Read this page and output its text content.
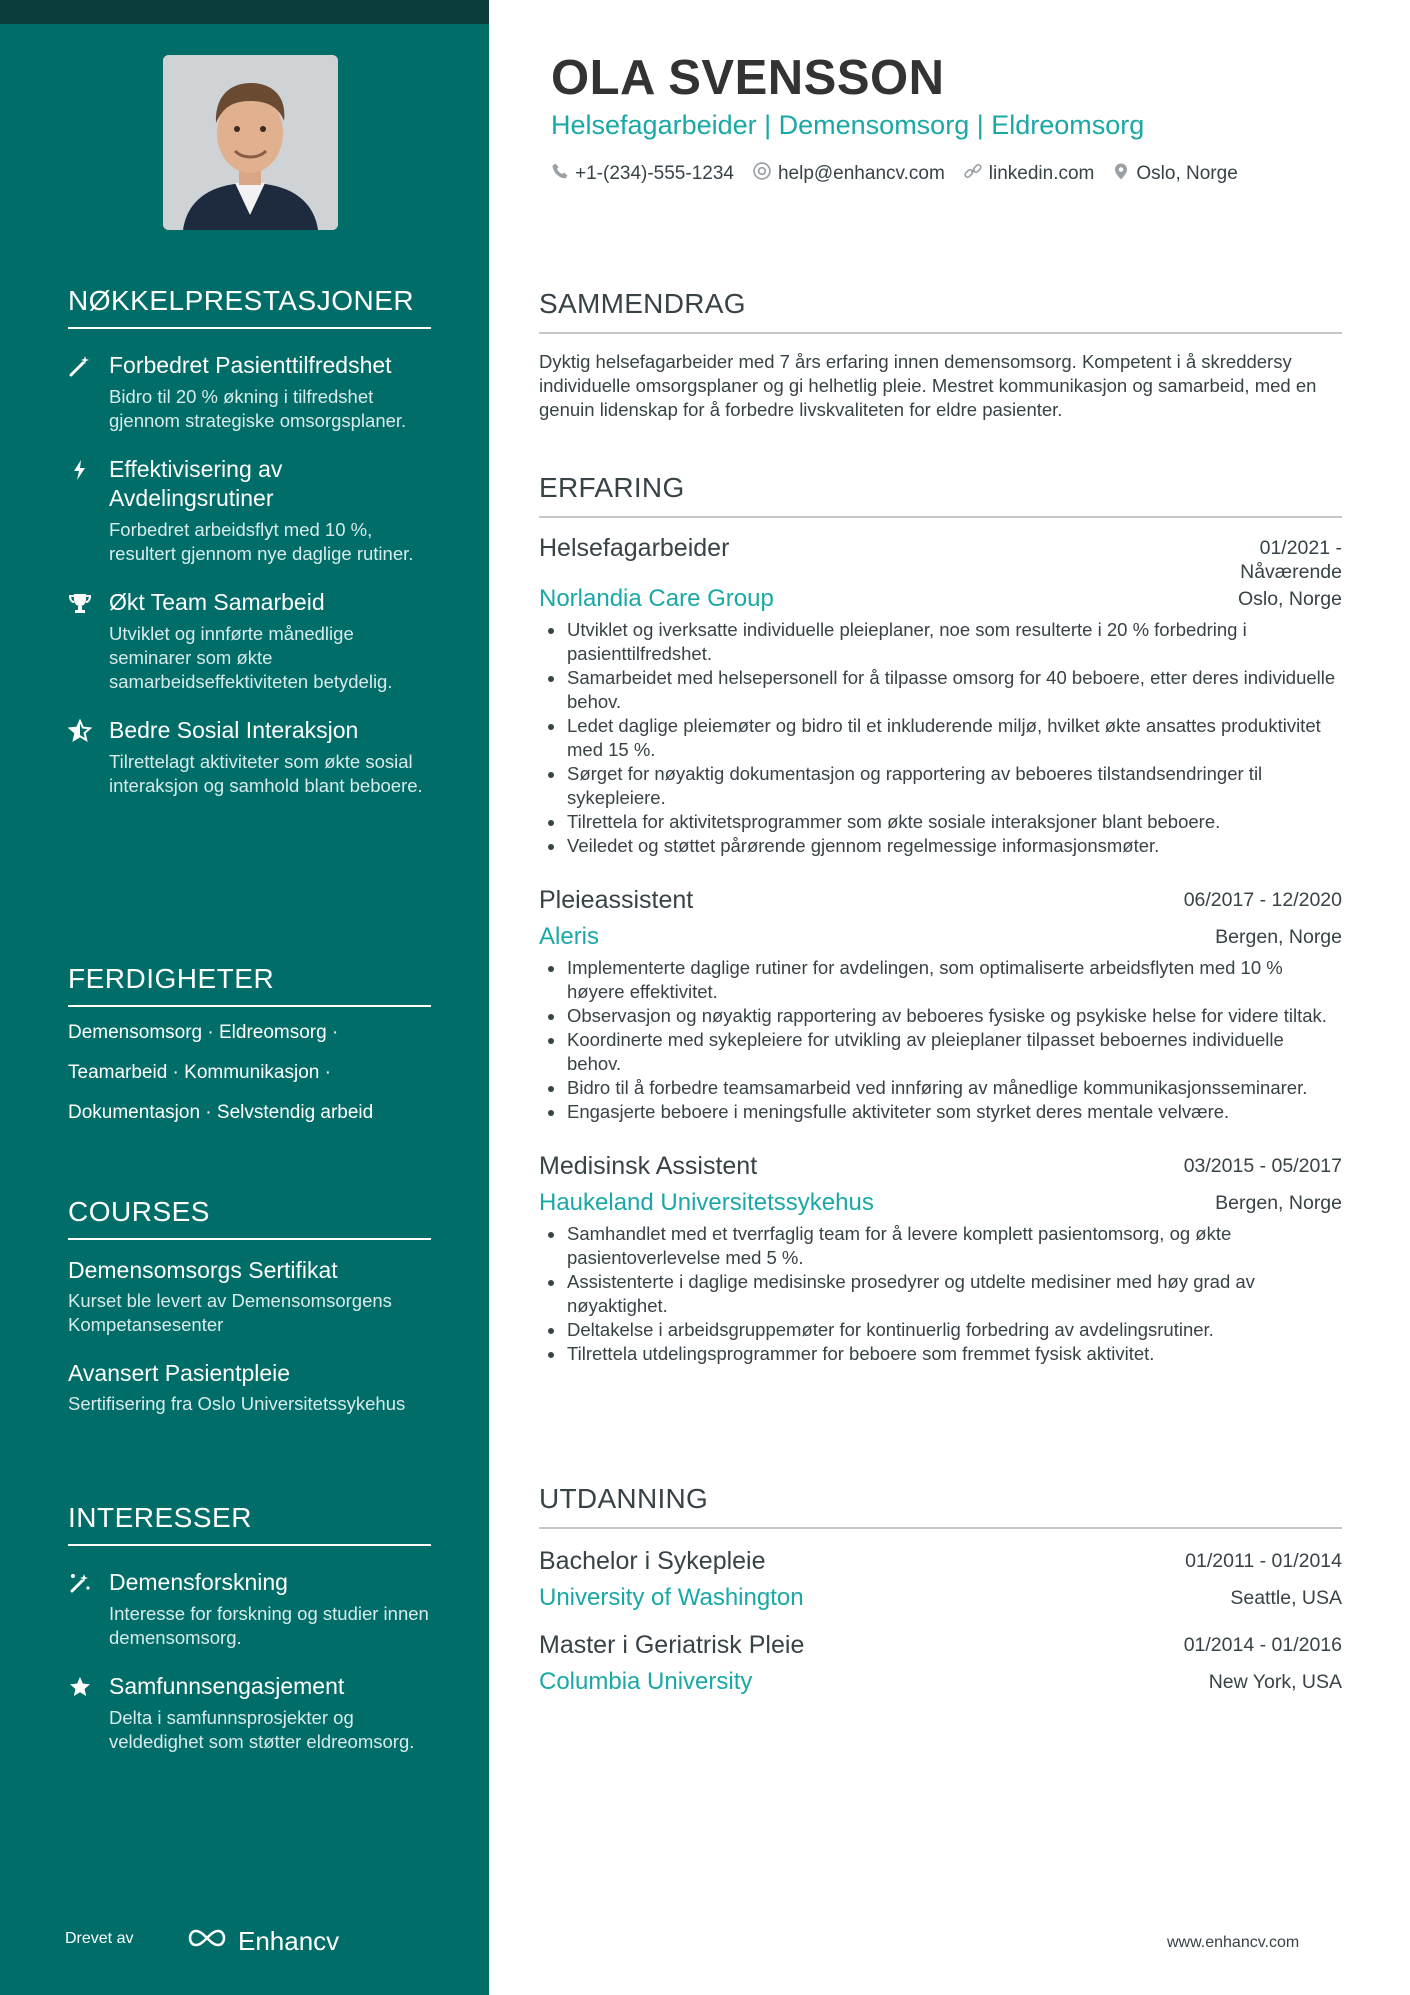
NØKKELPRESTASJONER
Forbedret Pasienttilfredshet
Bidro til 20 % økning i tilfredshet gjennom strategiske omsorgsplaner.
Effektivisering av Avdelingsrutiner
Forbedret arbeidsflyt med 10 %, resultert gjennom nye daglige rutiner.
Økt Team Samarbeid
Utviklet og innførte månedlige seminarer som økte samarbeidseffektiviteten betydelig.
Bedre Sosial Interaksjon
Tilrettelagt aktiviteter som økte sosial interaksjon og samhold blant beboere.
FERDIGHETER
Demensomsorg · Eldreomsorg ·
Teamarbeid · Kommunikasjon ·
Dokumentasjon · Selvstendig arbeid
COURSES
Demensomsorgs Sertifikat
Kurset ble levert av Demensomsorgens Kompetansesenter
Avansert Pasientpleie
Sertifisering fra Oslo Universitetssykehus
INTERESSER
Demensforskning
Interesse for forskning og studier innen demensomsorg.
Samfunnsengasjement
Delta i samfunnsprosjekter og veldedighet som støtter eldreomsorg.
Drevet av	Enhancv
OLA SVENSSON
Helsefagarbeider | Demensomsorg | Eldreomsorg
+1-(234)-555-1234 help@enhancv.com linkedin.com Oslo, Norge
SAMMENDRAG
Dyktig helsefagarbeider med 7 års erfaring innen demensomsorg. Kompetent i å skreddersy individuelle omsorgsplaner og gi helhetlig pleie. Mestret kommunikasjon og samarbeid, med en genuin lidenskap for å forbedre livskvaliteten for eldre pasienter.
ERFARING
Helsefagarbeider	01/2021 - Nåværende
Norlandia Care Group	Oslo, Norge
Utviklet og iverksatte individuelle pleieplaner, noe som resulterte i 20 % forbedring i pasienttilfredshet.
Samarbeidet med helsepersonell for å tilpasse omsorg for 40 beboere, etter deres individuelle behov.
Ledet daglige pleiemøter og bidro til et inkluderende miljø, hvilket økte ansattes produktivitet med 15 %.
Sørget for nøyaktig dokumentasjon og rapportering av beboeres tilstandsendringer til sykepleiere.
Tilrettela for aktivitetsprogrammer som økte sosiale interaksjoner blant beboere.
Veiledet og støttet pårørende gjennom regelmessige informasjonsmøter.
Pleieassistent	06/2017 - 12/2020
Aleris	Bergen, Norge
Implementerte daglige rutiner for avdelingen, som optimaliserte arbeidsflyten med 10 % høyere effektivitet.
Observasjon og nøyaktig rapportering av beboeres fysiske og psykiske helse for videre tiltak.
Koordinerte med sykepleiere for utvikling av pleieplaner tilpasset beboernes individuelle behov.
Bidro til å forbedre teamsamarbeid ved innføring av månedlige kommunikasjonsseminarer.
Engasjerte beboere i meningsfulle aktiviteter som styrket deres mentale velvære.
Medisinsk Assistent	03/2015 - 05/2017
Haukeland Universitetssykehus	Bergen, Norge
Samhandlet med et tverrfaglig team for å levere komplett pasientomsorg, og økte pasientoverlevelse med 5 %.
Assistenterte i daglige medisinske prosedyrer og utdelte medisiner med høy grad av nøyaktighet.
Deltakelse i arbeidsgruppemøter for kontinuerlig forbedring av avdelingsrutiner.
Tilrettela utdelingsprogrammer for beboere som fremmet fysisk aktivitet.
UTDANNING
Bachelor i Sykepleie	01/2011 - 01/2014
University of Washington	Seattle, USA
Master i Geriatrisk Pleie	01/2014 - 01/2016
Columbia University	New York, USA
www.enhancv.com
